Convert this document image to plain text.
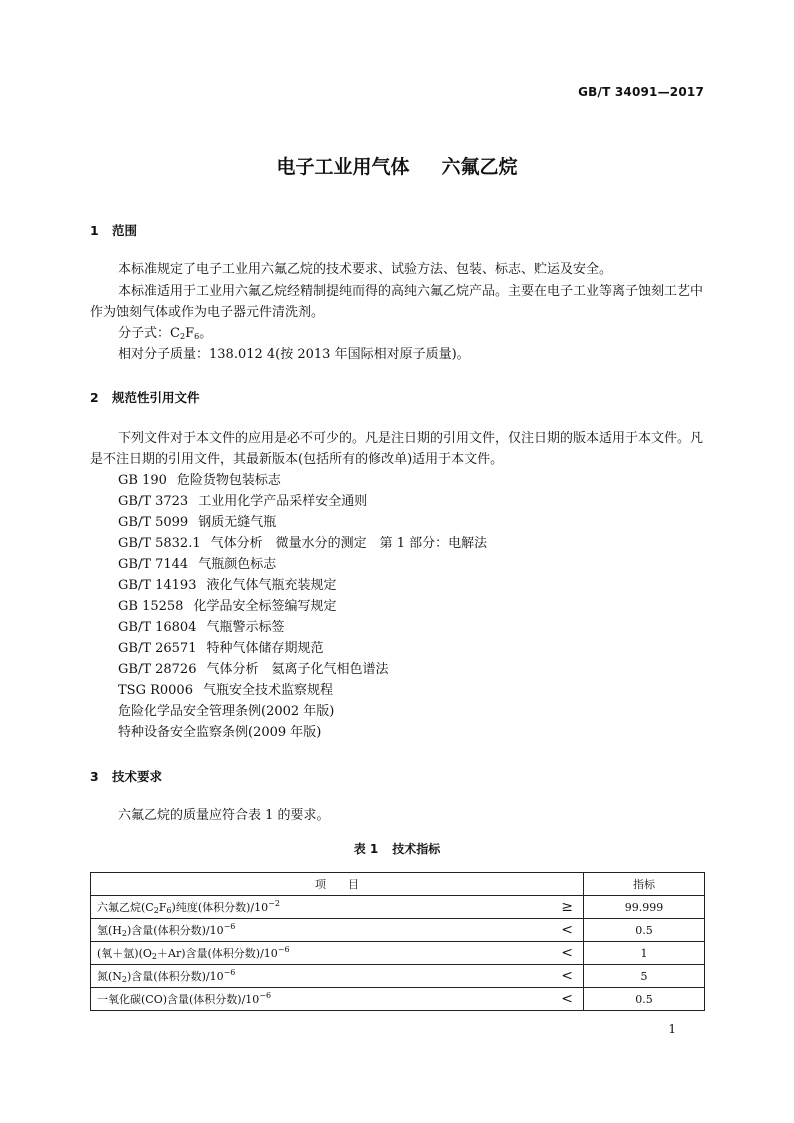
GB/T 34091—2017
电子工业用气体 六氟乙烷
1 范围
本标准规定了电子工业用六氟乙烷的技术要求、试验方法、包装、标志、贮运及安全。
本标准适用于工业用六氟乙烷经精制提纯而得的高纯六氟乙烷产品。主要在电子工业等离子蚀刻工艺中作为蚀刻气体或作为电子器元件清洗剂。
分子式：$C_2F_6$。
相对分子质量：138.012 4(按 2013 年国际相对原子质量)。
2 规范性引用文件
下列文件对于本文件的应用是必不可少的。凡是注日期的引用文件，仅注日期的版本适用于本文件。凡是不注日期的引用文件，其最新版本(包括所有的修改单)适用于本文件。
GB 190 危险货物包装标志
GB/T 3723 工业用化学产品采样安全通则
GB/T 5099 钢质无缝气瓶
GB/T 5832.1 气体分析　微量水分的测定　第 1 部分：电解法
GB/T 7144 气瓶颜色标志
GB/T 14193 液化气体气瓶充装规定
GB 15258 化学品安全标签编写规定
GB/T 16804 气瓶警示标签
GB/T 26571 特种气体储存期规范
GB/T 28726 气体分析　氦离子化气相色谱法
TSG R0006 气瓶安全技术监察规程
危险化学品安全管理条例(2002 年版)
特种设备安全监察条例(2009 年版)
3 技术要求
六氟乙烷的质量应符合表 1 的要求。
表 1 技术指标
项　　目		指标
六氟乙烷$(C_2F_6)$纯度(体积分数)$/10^{-2}$	≥	99.999
氢$(H_2)$含量(体积分数)$/10^{-6}$	<	0.5
(氧＋氩)$(O_2+Ar)$含量(体积分数)$/10^{-6}$	<	1
氮$(N_2)$含量(体积分数)$/10^{-6}$	<	5
一氧化碳(CO)含量(体积分数)$/10^{-6}$	<	0.5
1
